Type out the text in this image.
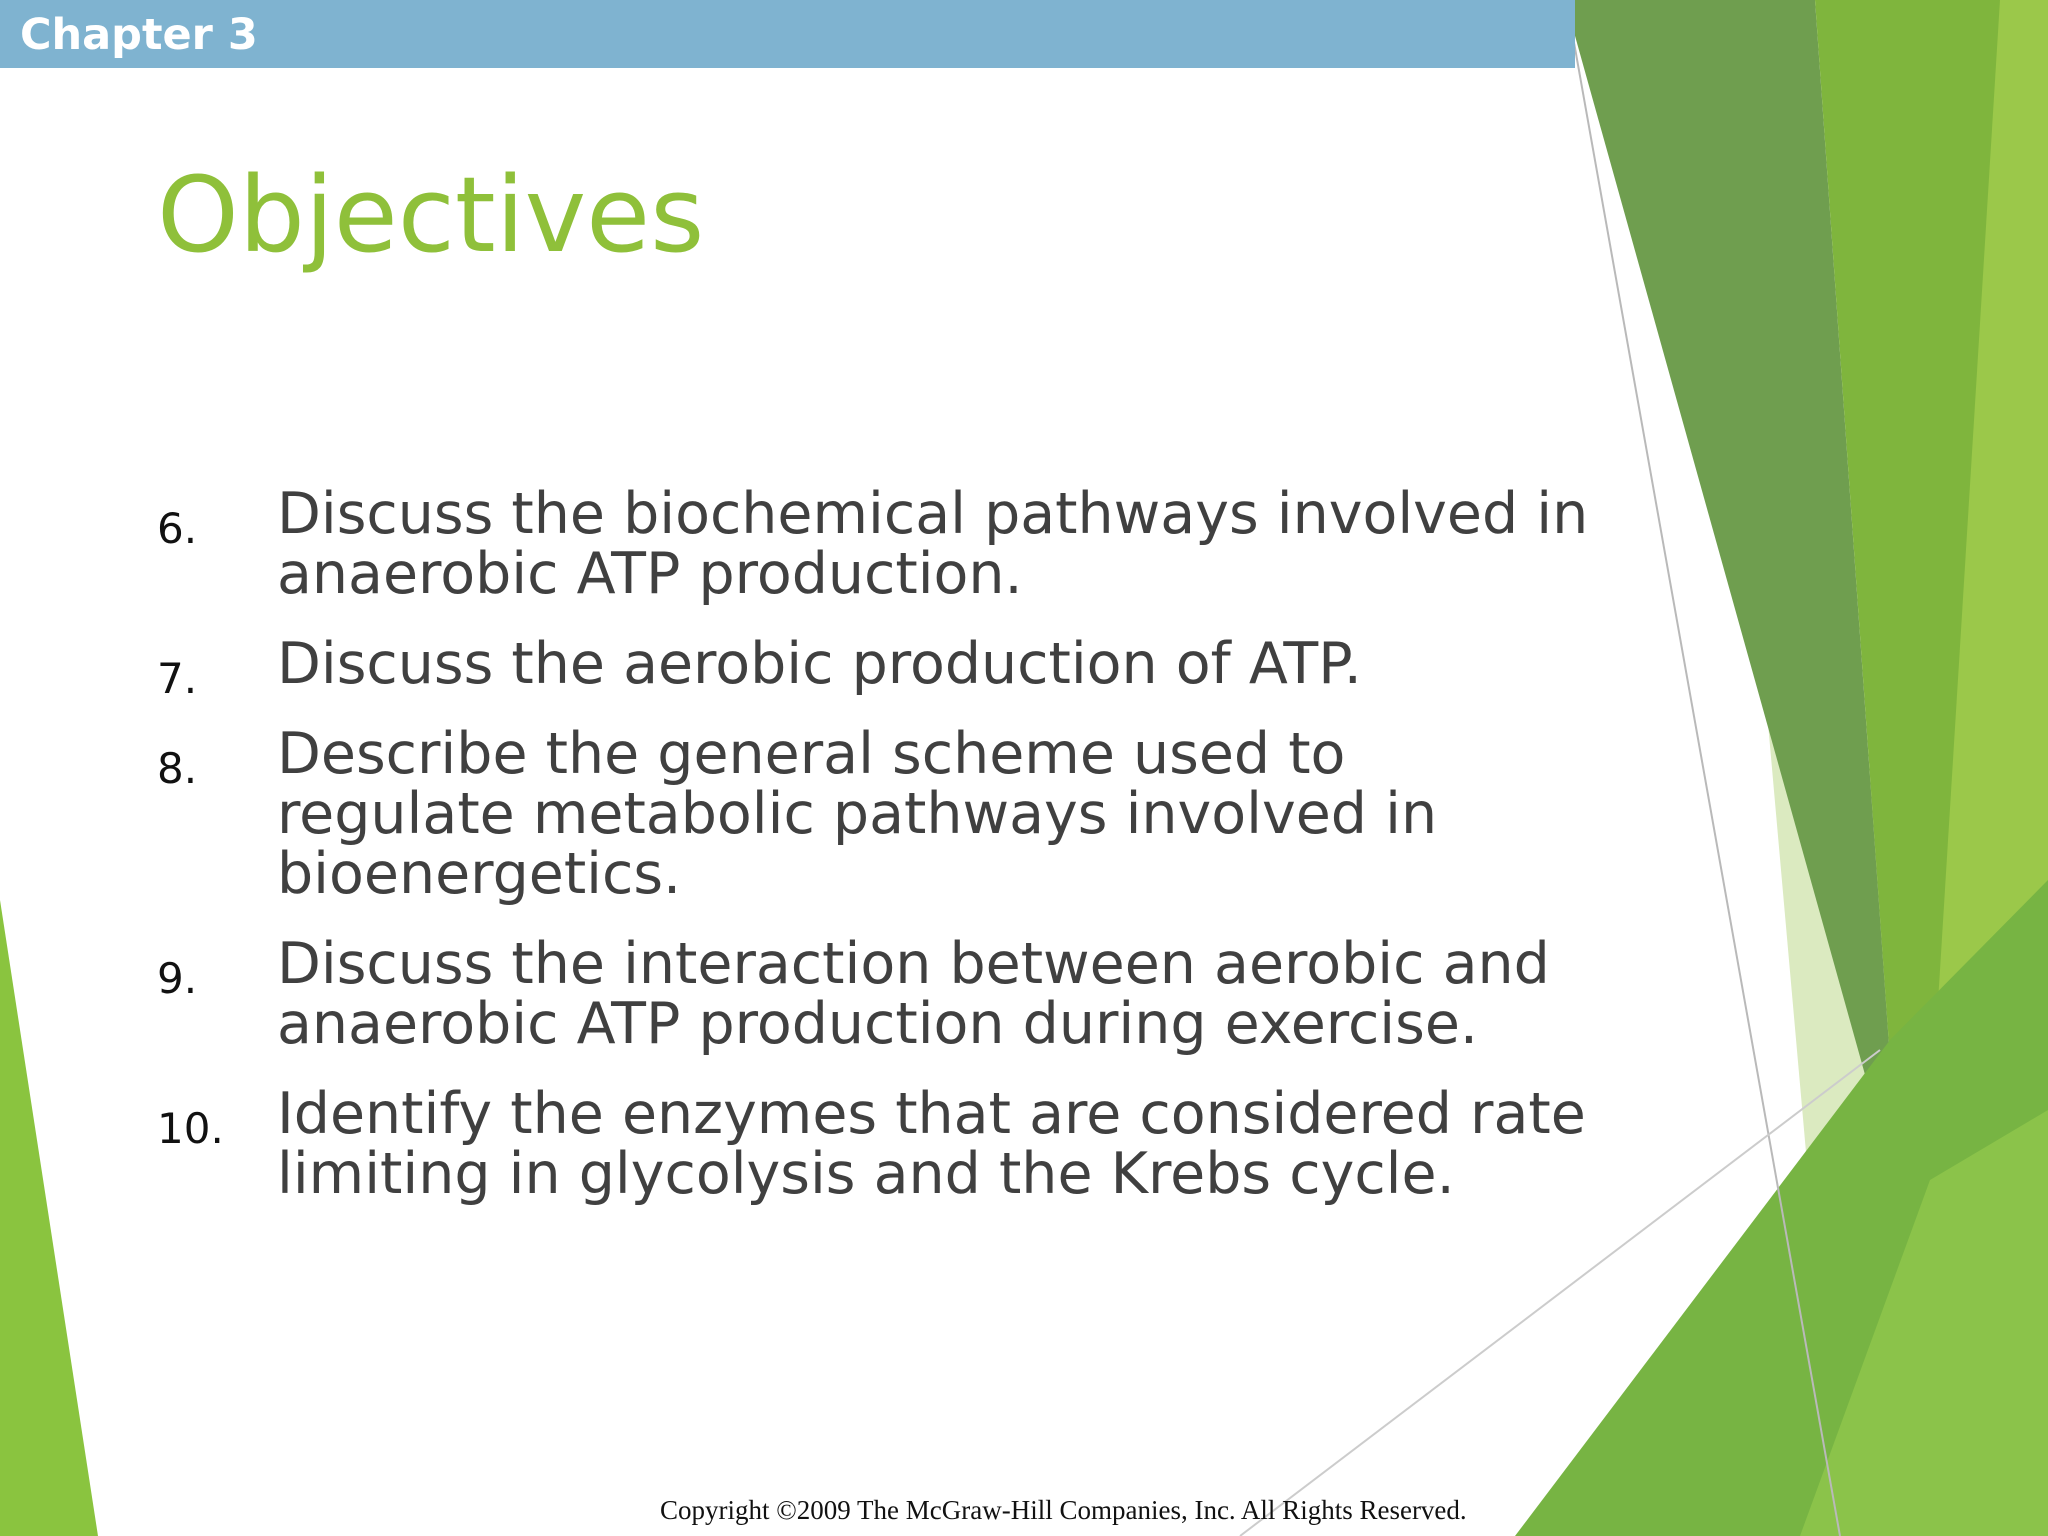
Chapter 3
Objectives
6.	Discuss the biochemical pathways involved in anaerobic ATP production.
7.	Discuss the aerobic production of ATP.
8.	Describe the general scheme used to regulate metabolic pathways involved in bioenergetics.
9.	Discuss the interaction between aerobic and anaerobic ATP production during exercise.
10. Identify the enzymes that are considered rate limiting in glycolysis and the Krebs cycle.
Copyright ©2009 The McGraw-Hill Companies, Inc. All Rights Reserved.
